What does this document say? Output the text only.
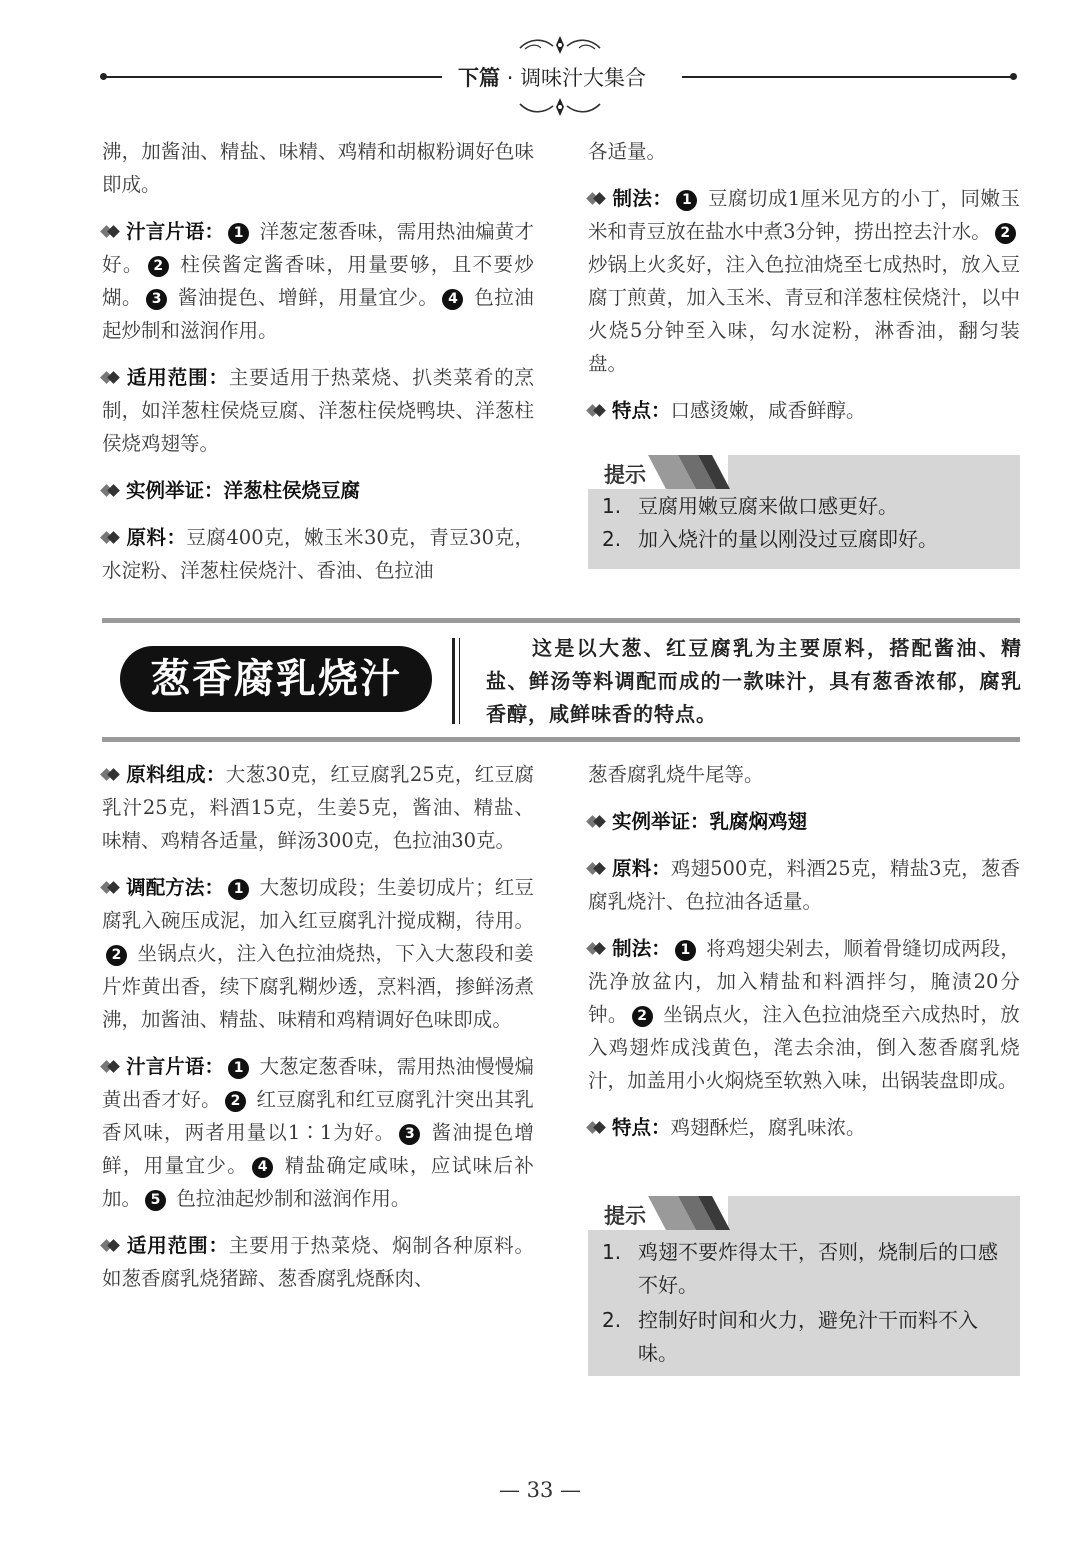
下篇 · 调味汁大集合

沸，加酱油、精盐、味精、鸡精和胡椒粉调好色味即成。

汁言片语： 1 洋葱定葱香味，需用热油煸黄才好。 2 柱侯酱定酱香味，用量要够，且不要炒煳。 3 酱油提色、增鲜，用量宜少。 4 色拉油起炒制和滋润作用。

适用范围：主要适用于热菜烧、扒类菜肴的烹制，如洋葱柱侯烧豆腐、洋葱柱侯烧鸭块、洋葱柱侯烧鸡翅等。

实例举证：洋葱柱侯烧豆腐

原料：豆腐400克，嫩玉米30克，青豆30克，水淀粉、洋葱柱侯烧汁、香油、色拉油

各适量。

制法： 1 豆腐切成1厘米见方的小丁，同嫩玉米和青豆放在盐水中煮3分钟，捞出控去汁水。 2 炒锅上火炙好，注入色拉油烧至七成热时，放入豆腐丁煎黄，加入玉米、青豆和洋葱柱侯烧汁，以中火烧5分钟至入味，勾水淀粉，淋香油，翻匀装盘。

特点：口感烫嫩，咸香鲜醇。

提示
1. 豆腐用嫩豆腐来做口感更好。
2. 加入烧汁的量以刚没过豆腐即好。
葱香腐乳烧汁
这是以大葱、红豆腐乳为主要原料，搭配酱油、精盐、鲜汤等料调配而成的一款味汁，具有葱香浓郁，腐乳香醇，咸鲜味香的特点。

原料组成：大葱30克，红豆腐乳25克，红豆腐乳汁25克，料酒15克，生姜5克，酱油、精盐、味精、鸡精各适量，鲜汤300克，色拉油30克。

调配方法： 1 大葱切成段；生姜切成片；红豆腐乳入碗压成泥，加入红豆腐乳汁搅成糊，待用。2 坐锅点火，注入色拉油烧热，下入大葱段和姜片炸黄出香，续下腐乳糊炒透，烹料酒，掺鲜汤煮沸，加酱油、精盐、味精和鸡精调好色味即成。

汁言片语： 1 大葱定葱香味，需用热油慢慢煸黄出香才好。 2 红豆腐乳和红豆腐乳汁突出其乳香风味，两者用量以1∶1为好。 3 酱油提色增鲜，用量宜少。 4 精盐确定咸味，应试味后补加。 5 色拉油起炒制和滋润作用。

适用范围：主要用于热菜烧、焖制各种原料。如葱香腐乳烧猪蹄、葱香腐乳烧酥肉、

葱香腐乳烧牛尾等。

实例举证：乳腐焖鸡翅

原料：鸡翅500克，料酒25克，精盐3克，葱香腐乳烧汁、色拉油各适量。

制法： 1 将鸡翅尖剁去，顺着骨缝切成两段，洗净放盆内，加入精盐和料酒拌匀，腌渍20分钟。 2 坐锅点火，注入色拉油烧至六成热时，放入鸡翅炸成浅黄色，滗去余油，倒入葱香腐乳烧汁，加盖用小火焖烧至软熟入味，出锅装盘即成。

特点：鸡翅酥烂，腐乳味浓。

提示
1. 鸡翅不要炸得太干，否则，烧制后的口感不好。
2. 控制好时间和火力，避免汁干而料不入味。
— 33 —
